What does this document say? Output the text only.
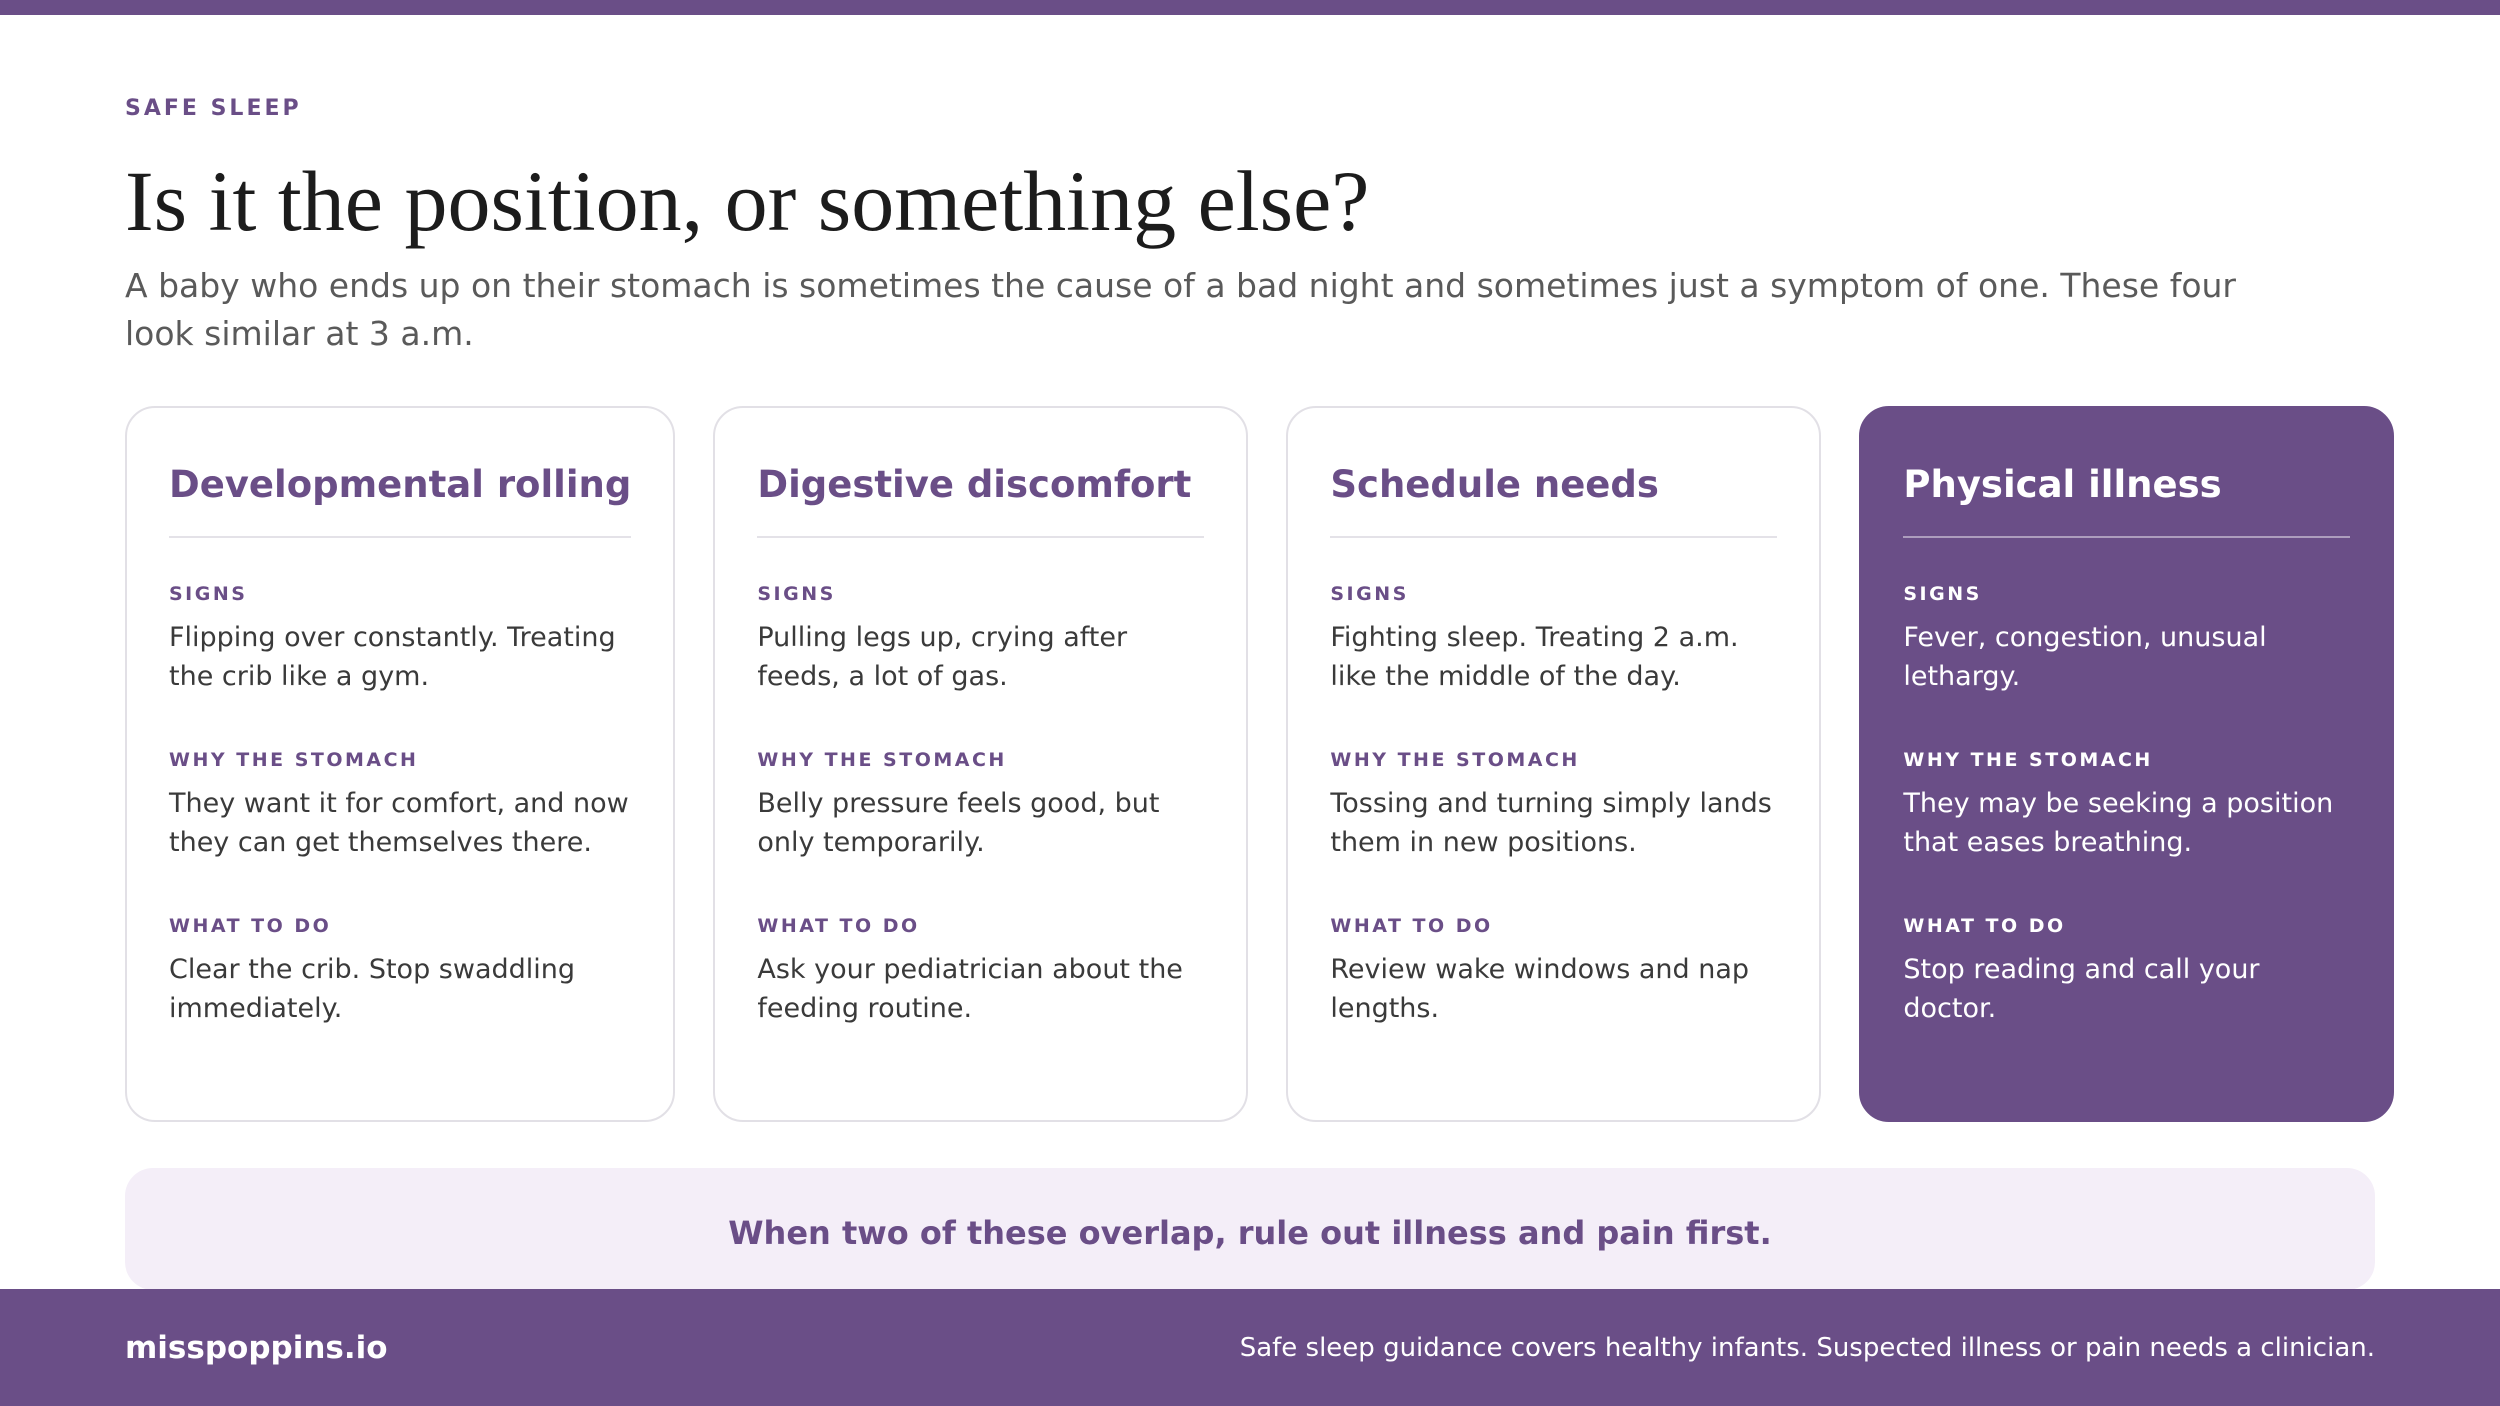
SAFE SLEEP
Is it the position, or something else?

A baby who ends up on their stomach is sometimes the cause of a bad night and sometimes just a symptom of one. These four look similar at 3 a.m.

Developmental rolling
SIGNS
Flipping over constantly. Treating the crib like a gym.
WHY THE STOMACH
They want it for comfort, and now they can get themselves there.
WHAT TO DO
Clear the crib. Stop swaddling immediately.
Digestive discomfort
SIGNS
Pulling legs up, crying after feeds, a lot of gas.
WHY THE STOMACH
Belly pressure feels good, but only temporarily.
WHAT TO DO
Ask your pediatrician about the feeding routine.
Schedule needs
SIGNS
Fighting sleep. Treating 2 a.m. like the middle of the day.
WHY THE STOMACH
Tossing and turning simply lands them in new positions.
WHAT TO DO
Review wake windows and nap lengths.
Physical illness
SIGNS
Fever, congestion, unusual lethargy.
WHY THE STOMACH
They may be seeking a position that eases breathing.
WHAT TO DO
Stop reading and call your doctor.
When two of these overlap, rule out illness and pain first.
misspoppins.io	Safe sleep guidance covers healthy infants. Suspected illness or pain needs a clinician.
